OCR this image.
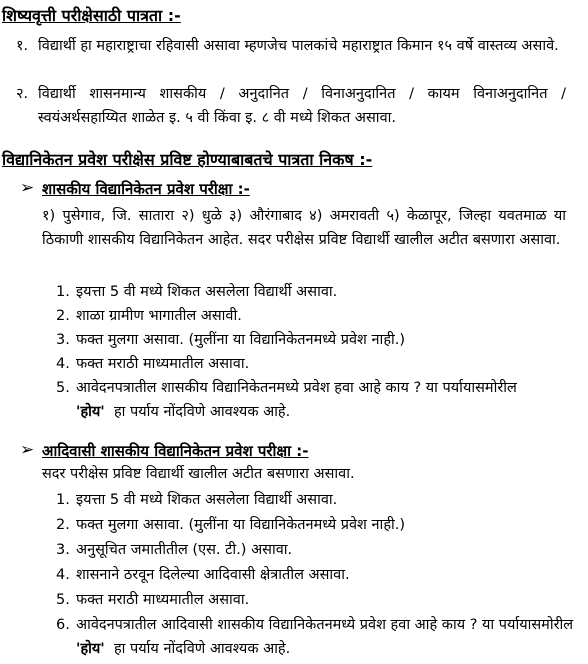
शिष्यवृत्ती परीक्षेसाठी पात्रता :-
१. विद्यार्थी हा महाराष्ट्राचा रहिवासी असावा म्हणजेच पालकांचे महाराष्ट्रात किमान १५ वर्षे वास्तव्य असावे.
२. विद्यार्थी शासनमान्य शासकीय / अनुदानित / विनाअनुदानित / कायम विनाअनुदानित / स्वयंअर्थसहाय्यित शाळेत इ. ५ वी किंवा इ. ८ वी मध्ये शिकत असावा.
विद्यानिकेतन प्रवेश परीक्षेस प्रविष्ट होण्याबाबतचे पात्रता निकष :-
➢ शासकीय विद्यानिकेतन प्रवेश परीक्षा :-
१) पुसेगाव, जि. सातारा २) धुळे ३) औरंगाबाद ४) अमरावती ५) केळापूर, जिल्हा यवतमाळ या ठिकाणी शासकीय विद्यानिकेतन आहेत. सदर परीक्षेस प्रविष्ट विद्यार्थी खालील अटीत बसणारा असावा.
1. इयत्ता 5 वी मध्ये शिकत असलेला विद्यार्थी असावा.
2. शाळा ग्रामीण भागातील असावी.
3. फक्त मुलगा असावा. (मुलींना या विद्यानिकेतनमध्ये प्रवेश नाही.)
4. फक्त मराठी माध्यमातील असावा.
5. आवेदनपत्रातील शासकीय विद्यानिकेतनमध्ये प्रवेश हवा आहे काय ? या पर्यायासमोरील
'होय' हा पर्याय नोंदविणे आवश्यक आहे.
➢ आदिवासी शासकीय विद्यानिकेतन प्रवेश परीक्षा :-
सदर परीक्षेस प्रविष्ट विद्यार्थी खालील अटीत बसणारा असावा.
1. इयत्ता 5 वी मध्ये शिकत असलेला विद्यार्थी असावा.
2. फक्त मुलगा असावा. (मुलींना या विद्यानिकेतनमध्ये प्रवेश नाही.)
3. अनुसूचित जमातीतील (एस. टी.) असावा.
4. शासनाने ठरवून दिलेल्या आदिवासी क्षेत्रातील असावा.
5. फक्त मराठी माध्यमातील असावा.
6. आवेदनपत्रातील आदिवासी शासकीय विद्यानिकेतनमध्ये प्रवेश हवा आहे काय ? या पर्यायासमोरील
'होय' हा पर्याय नोंदविणे आवश्यक आहे.
